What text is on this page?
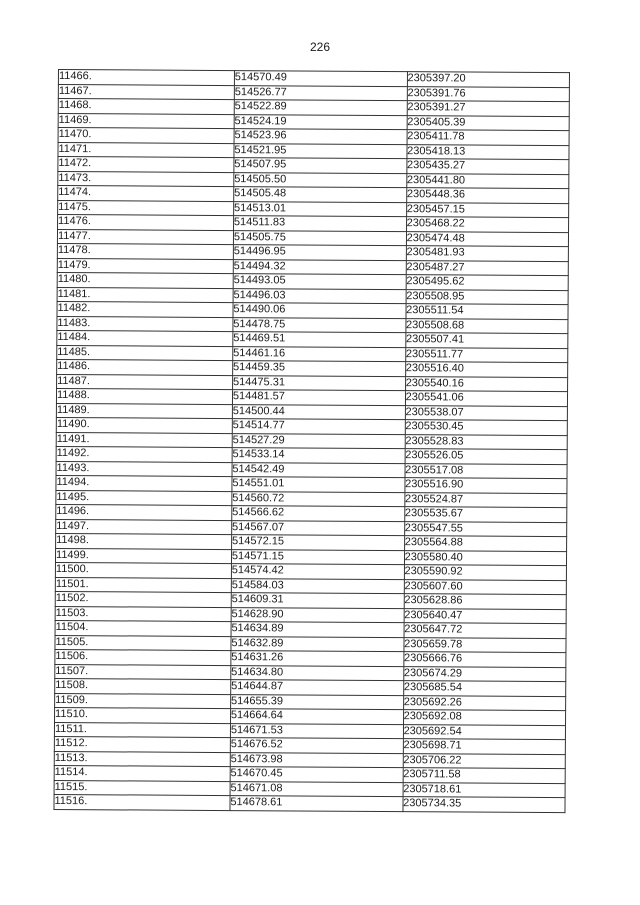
226
11466.	514570.49	2305397.20
11467.	514526.77	2305391.76
11468.	514522.89	2305391.27
11469.	514524.19	2305405.39
11470.	514523.96	2305411.78
11471.	514521.95	2305418.13
11472.	514507.95	2305435.27
11473.	514505.50	2305441.80
11474.	514505.48	2305448.36
11475.	514513.01	2305457.15
11476.	514511.83	2305468.22
11477.	514505.75	2305474.48
11478.	514496.95	2305481.93
11479.	514494.32	2305487.27
11480.	514493.05	2305495.62
11481.	514496.03	2305508.95
11482.	514490.06	2305511.54
11483.	514478.75	2305508.68
11484.	514469.51	2305507.41
11485.	514461.16	2305511.77
11486.	514459.35	2305516.40
11487.	514475.31	2305540.16
11488.	514481.57	2305541.06
11489.	514500.44	2305538.07
11490.	514514.77	2305530.45
11491.	514527.29	2305528.83
11492.	514533.14	2305526.05
11493.	514542.49	2305517.08
11494.	514551.01	2305516.90
11495.	514560.72	2305524.87
11496.	514566.62	2305535.67
11497.	514567.07	2305547.55
11498.	514572.15	2305564.88
11499.	514571.15	2305580.40
11500.	514574.42	2305590.92
11501.	514584.03	2305607.60
11502.	514609.31	2305628.86
11503.	514628.90	2305640.47
11504.	514634.89	2305647.72
11505.	514632.89	2305659.78
11506.	514631.26	2305666.76
11507.	514634.80	2305674.29
11508.	514644.87	2305685.54
11509.	514655.39	2305692.26
11510.	514664.64	2305692.08
11511.	514671.53	2305692.54
11512.	514676.52	2305698.71
11513.	514673.98	2305706.22
11514.	514670.45	2305711.58
11515.	514671.08	2305718.61
11516.	514678.61	2305734.35
